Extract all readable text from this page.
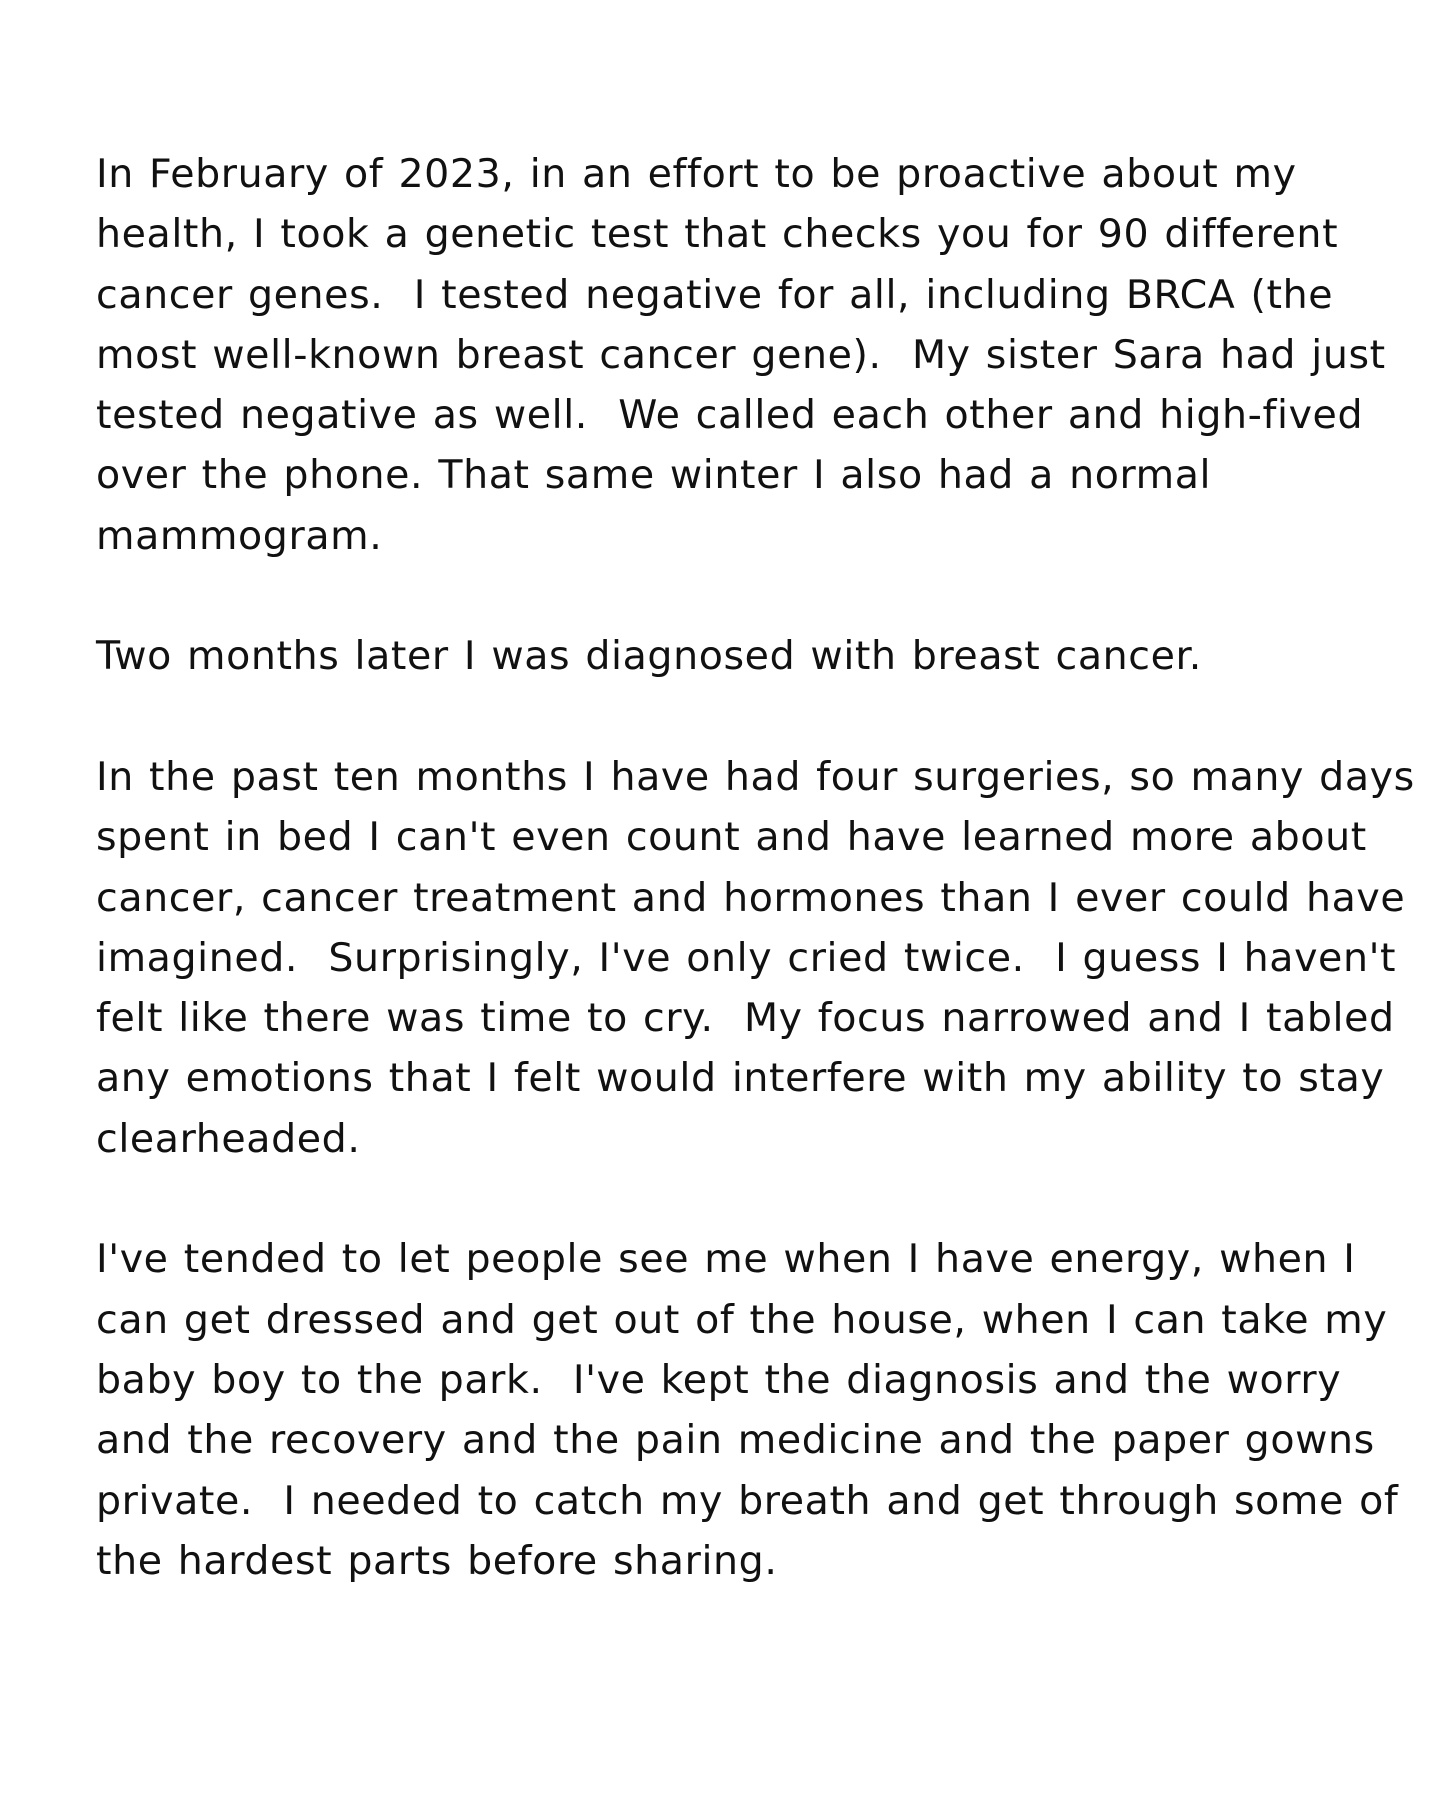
In February of 2023, in an effort to be proactive about my
health, I took a genetic test that checks you for 90 different
cancer genes.  I tested negative for all, including BRCA (the
most well-known breast cancer gene).  My sister Sara had just
tested negative as well.  We called each other and high-fived
over the phone. That same winter I also had a normal
mammogram.
Two months later I was diagnosed with breast cancer.
In the past ten months I have had four surgeries, so many days
spent in bed I can't even count and have learned more about
cancer, cancer treatment and hormones than I ever could have
imagined.  Surprisingly, I've only cried twice.  I guess I haven't
felt like there was time to cry.  My focus narrowed and I tabled
any emotions that I felt would interfere with my ability to stay
clearheaded.
I've tended to let people see me when I have energy, when I
can get dressed and get out of the house, when I can take my
baby boy to the park.  I've kept the diagnosis and the worry
and the recovery and the pain medicine and the paper gowns
private.  I needed to catch my breath and get through some of
the hardest parts before sharing.
